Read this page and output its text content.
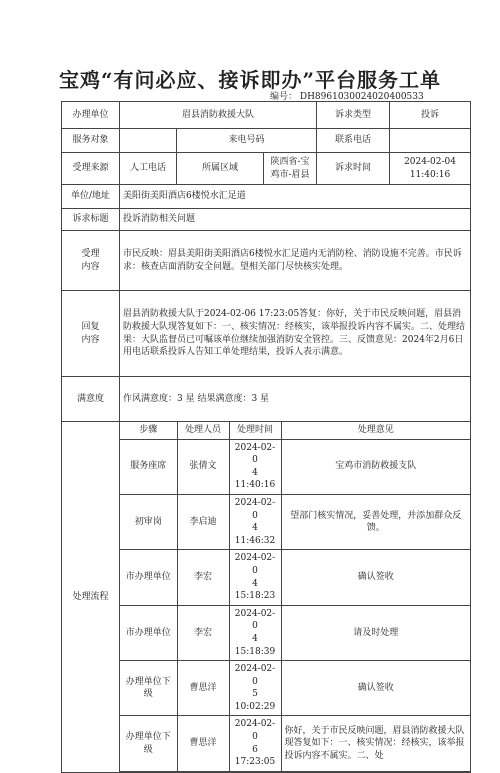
宝鸡“有问必应、接诉即办”平台服务工单
编号： DH8961030024020400533
办理单位	眉县消防救援大队	诉求类型	投诉
服务对象		来电号码	联系电话	
受理来源	人工电话	所属区域	陕西省-宝鸡市-眉县	诉求时间	2024-02-04
11:40:16
单位/地址	美阳街美阳酒店6楼悦水汇足道
诉求标题	投诉消防相关问题
受理
内容	市民反映：眉县美阳街美阳酒店6楼悦水汇足道内无消防栓、消防设施不完善。市民诉求：核查店面消防安全问题。望相关部门尽快核实处理。
回复
内容	眉县消防救援大队于2024-02-06 17:23:05答复：你好，关于市民反映问题，眉县消防救援大队现答复如下：一、核实情况：经核实，该举报投诉内容不属实。二、处理结果：大队监督员已可嘱该单位继续加强消防安全管控。三、反馈意见：2024年2月6日用电话联系投诉人告知工单处理结果，投诉人表示满意。
满意度	作风满意度：3 星 结果满意度：3 星
处理流程	
步骤	处理人员	处理时间	处理意见
服务座席	张倩文	2024-02-0
4
11:40:16	宝鸡市消防救援支队
初审岗	李启迪	2024-02-0
4
11:46:32	望部门核实情况，妥善处理，并添加群众反馈。
市办理单位	李宏	2024-02-0
4
15:18:23	确认签收
市办理单位	李宏	2024-02-0
4
15:18:39	请及时处理
办理单位下级	曹思洋	2024-02-0
5
10:02:29	确认签收
办理单位下级	曹思洋	2024-02-0
6
17:23:05	你好，关于市民反映问题，眉县消防救援大队现答复如下：一、核实情况：经核实，该举报投诉内容不属实。二、处
